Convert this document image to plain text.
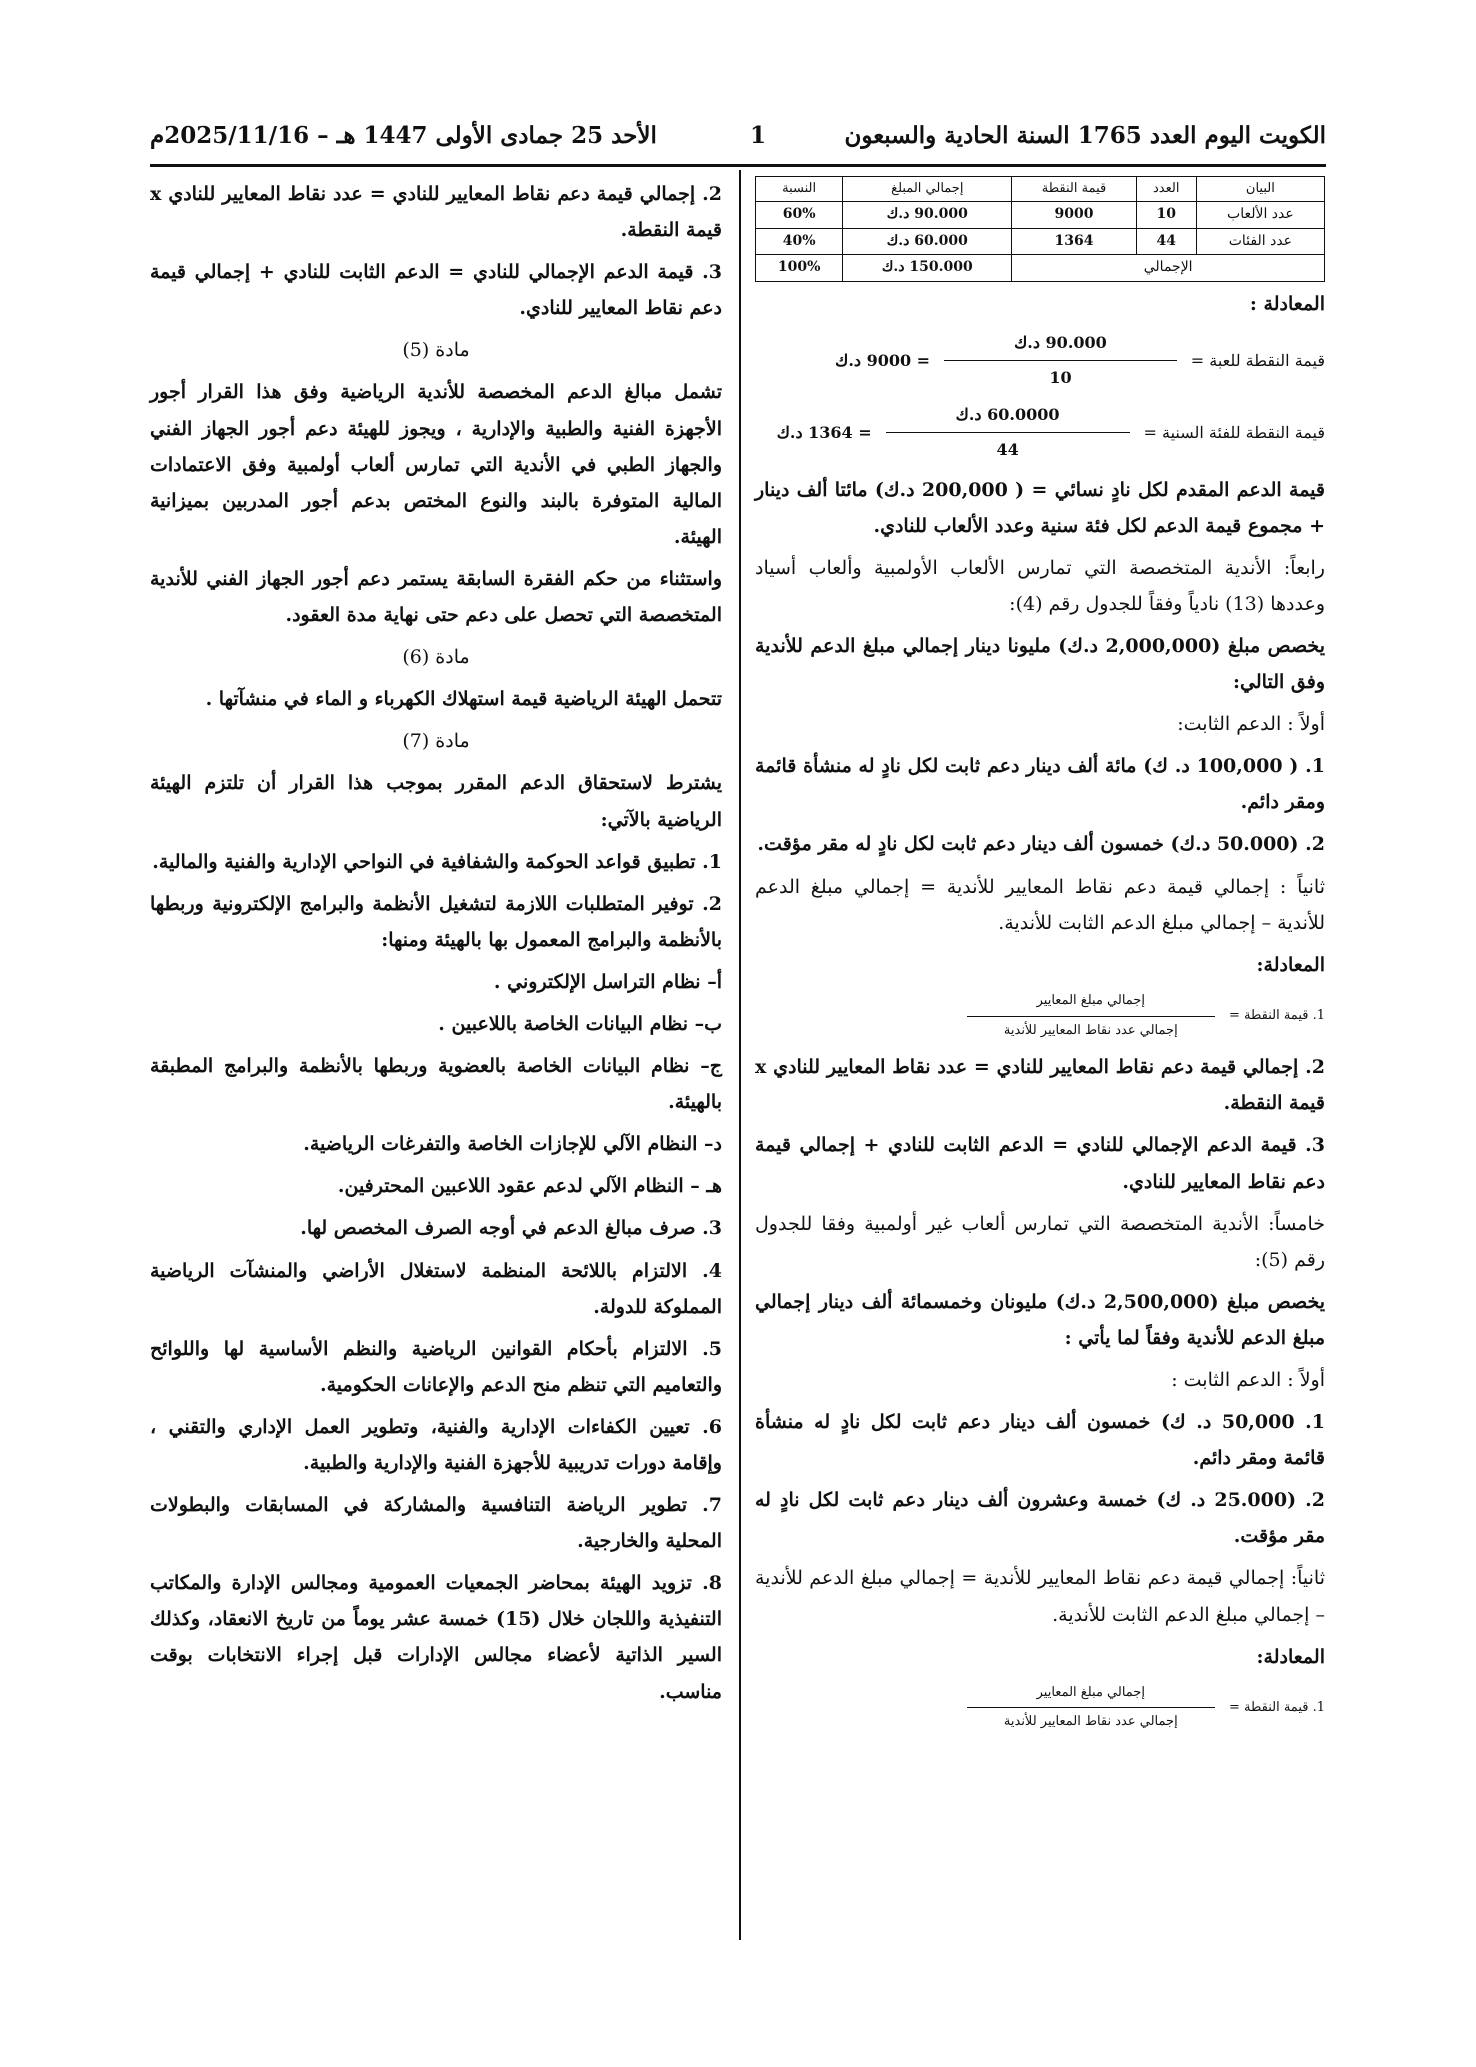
الكويت اليوم العدد 1765 السنة الحادية والسبعون
1
الأحد 25 جمادى الأولى 1447 هـ – 2025/11/16م
البيان	العدد	قيمة النقطة	إجمالي المبلغ	النسبة
عدد الألعاب	10	9000	90.000 د.ك	60%
عدد الفئات	44	1364	60.000 د.ك	40%
الإجمالي			150.000 د.ك	100%

المعادلة :

قيمة النقطة للعبة =
$\frac{\text{90.000 د.ك}}{10}$
= 9000 د.ك
قيمة النقطة للفئة السنية =
$\frac{\text{60.0000 د.ك}}{44}$
= 1364 د.ك

قيمة الدعم المقدم لكل نادٍ نسائي = ( 200,000 د.ك) مائتا ألف دينار + مجموع قيمة الدعم لكل فئة سنية وعدد الألعاب للنادي.

رابعاً: الأندية المتخصصة التي تمارس الألعاب الأولمبية وألعاب أسياد وعددها (13) نادياً وفقاً للجدول رقم (4):

يخصص مبلغ (2,000,000 د.ك) مليونا دينار إجمالي مبلغ الدعم للأندية وفق التالي:

أولاً : الدعم الثابت:

1. ( 100,000 د. ك) مائة ألف دينار دعم ثابت لكل نادٍ له منشأة قائمة ومقر دائم.

2. (50.000 د.ك) خمسون ألف دينار دعم ثابت لكل نادٍ له مقر مؤقت.

ثانياً : إجمالي قيمة دعم نقاط المعايير للأندية = إجمالي مبلغ الدعم للأندية – إجمالي مبلغ الدعم الثابت للأندية.

المعادلة:

1. قيمة النقطة =
$\frac{\text{إجمالي مبلغ المعايير}}{\text{إجمالي عدد نقاط المعايير للأندية}}$

2. إجمالي قيمة دعم نقاط المعايير للنادي = عدد نقاط المعايير للنادي x قيمة النقطة.

3. قيمة الدعم الإجمالي للنادي = الدعم الثابت للنادي + إجمالي قيمة دعم نقاط المعايير للنادي.

خامساً: الأندية المتخصصة التي تمارس ألعاب غير أولمبية وفقا للجدول رقم (5):

يخصص مبلغ (2,500,000 د.ك) مليونان وخمسمائة ألف دينار إجمالي مبلغ الدعم للأندية وفقاً لما يأتي :

أولاً : الدعم الثابت :

1. 50,000 د. ك) خمسون ألف دينار دعم ثابت لكل نادٍ له منشأة قائمة ومقر دائم.

2. (25.000 د. ك) خمسة وعشرون ألف دينار دعم ثابت لكل نادٍ له مقر مؤقت.

ثانياً: إجمالي قيمة دعم نقاط المعايير للأندية = إجمالي مبلغ الدعم للأندية – إجمالي مبلغ الدعم الثابت للأندية.

المعادلة:

1. قيمة النقطة =
$\frac{\text{إجمالي مبلغ المعايير}}{\text{إجمالي عدد نقاط المعايير للأندية}}$

2. إجمالي قيمة دعم نقاط المعايير للنادي = عدد نقاط المعايير للنادي x قيمة النقطة.

3. قيمة الدعم الإجمالي للنادي = الدعم الثابت للنادي + إجمالي قيمة دعم نقاط المعايير للنادي.

مادة (5)

تشمل مبالغ الدعم المخصصة للأندية الرياضية وفق هذا القرار أجور الأجهزة الفنية والطبية والإدارية ، ويجوز للهيئة دعم أجور الجهاز الفني والجهاز الطبي في الأندية التي تمارس ألعاب أولمبية وفق الاعتمادات المالية المتوفرة بالبند والنوع المختص بدعم أجور المدربين بميزانية الهيئة.

واستثناء من حكم الفقرة السابقة يستمر دعم أجور الجهاز الفني للأندية المتخصصة التي تحصل على دعم حتى نهاية مدة العقود.

مادة (6)

تتحمل الهيئة الرياضية قيمة استهلاك الكهرباء و الماء في منشآتها .

مادة (7)

يشترط لاستحقاق الدعم المقرر بموجب هذا القرار أن تلتزم الهيئة الرياضية بالآتي:

1. تطبيق قواعد الحوكمة والشفافية في النواحي الإدارية والفنية والمالية.

2. توفير المتطلبات اللازمة لتشغيل الأنظمة والبرامج الإلكترونية وربطها بالأنظمة والبرامج المعمول بها بالهيئة ومنها:

أ– نظام التراسل الإلكتروني .

ب– نظام البيانات الخاصة باللاعبين .

ج– نظام البيانات الخاصة بالعضوية وربطها بالأنظمة والبرامج المطبقة بالهيئة.

د– النظام الآلي للإجازات الخاصة والتفرغات الرياضية.

هـ – النظام الآلي لدعم عقود اللاعبين المحترفين.

3. صرف مبالغ الدعم في أوجه الصرف المخصص لها.

4. الالتزام باللائحة المنظمة لاستغلال الأراضي والمنشآت الرياضية المملوكة للدولة.

5. الالتزام بأحكام القوانين الرياضية والنظم الأساسية لها واللوائح والتعاميم التي تنظم منح الدعم والإعانات الحكومية.

6. تعيين الكفاءات الإدارية والفنية، وتطوير العمل الإداري والتقني ، وإقامة دورات تدريبية للأجهزة الفنية والإدارية والطبية.

7. تطوير الرياضة التنافسية والمشاركة في المسابقات والبطولات المحلية والخارجية.

8. تزويد الهيئة بمحاضر الجمعيات العمومية ومجالس الإدارة والمكاتب التنفيذية واللجان خلال (15) خمسة عشر يوماً من تاريخ الانعقاد، وكذلك السير الذاتية لأعضاء مجالس الإدارات قبل إجراء الانتخابات بوقت مناسب.
